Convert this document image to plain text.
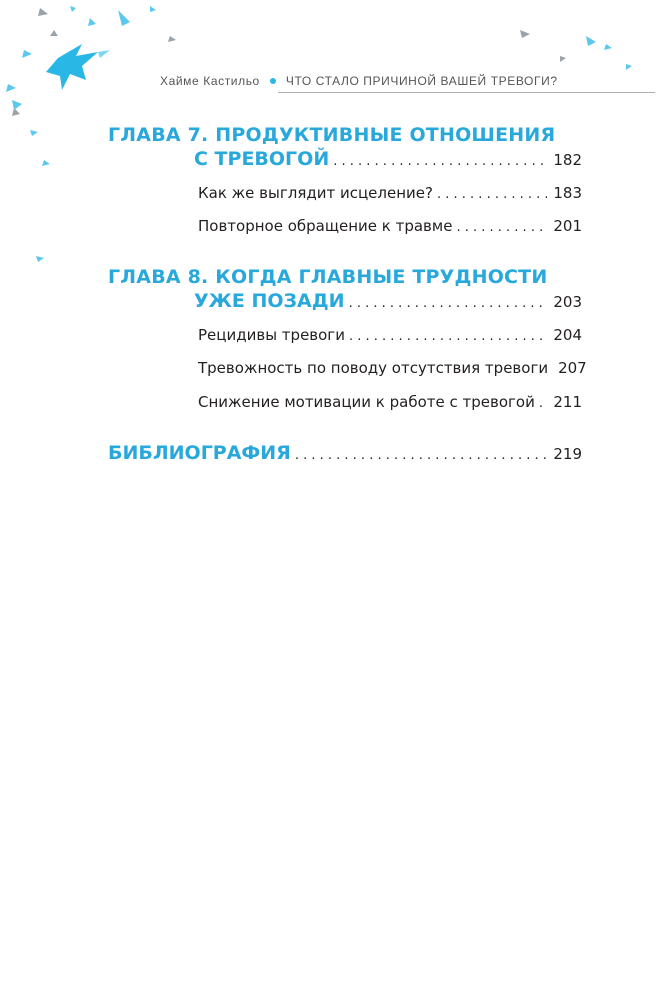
Хайме Кастильо ЧТО СТАЛО ПРИЧИНОЙ ВАШЕЙ ТРЕВОГИ?
ГЛАВА 7. ПРОДУКТИВНЫЕ ОТНОШЕНИЯ
С ТРЕВОГОЙ . . .	182
Как же выглядит исцеление? . . .	183
Повторное обращение к травме . . .	201
ГЛАВА 8. КОГДА ГЛАВНЫЕ ТРУДНОСТИ
УЖЕ ПОЗАДИ . . .	203
Рецидивы тревоги . . .	204
Тревожность по поводу отсутствия тревоги 207
Снижение мотивации к работе с тревогой . . . 211
БИБЛИОГРАФИЯ . . .	219
